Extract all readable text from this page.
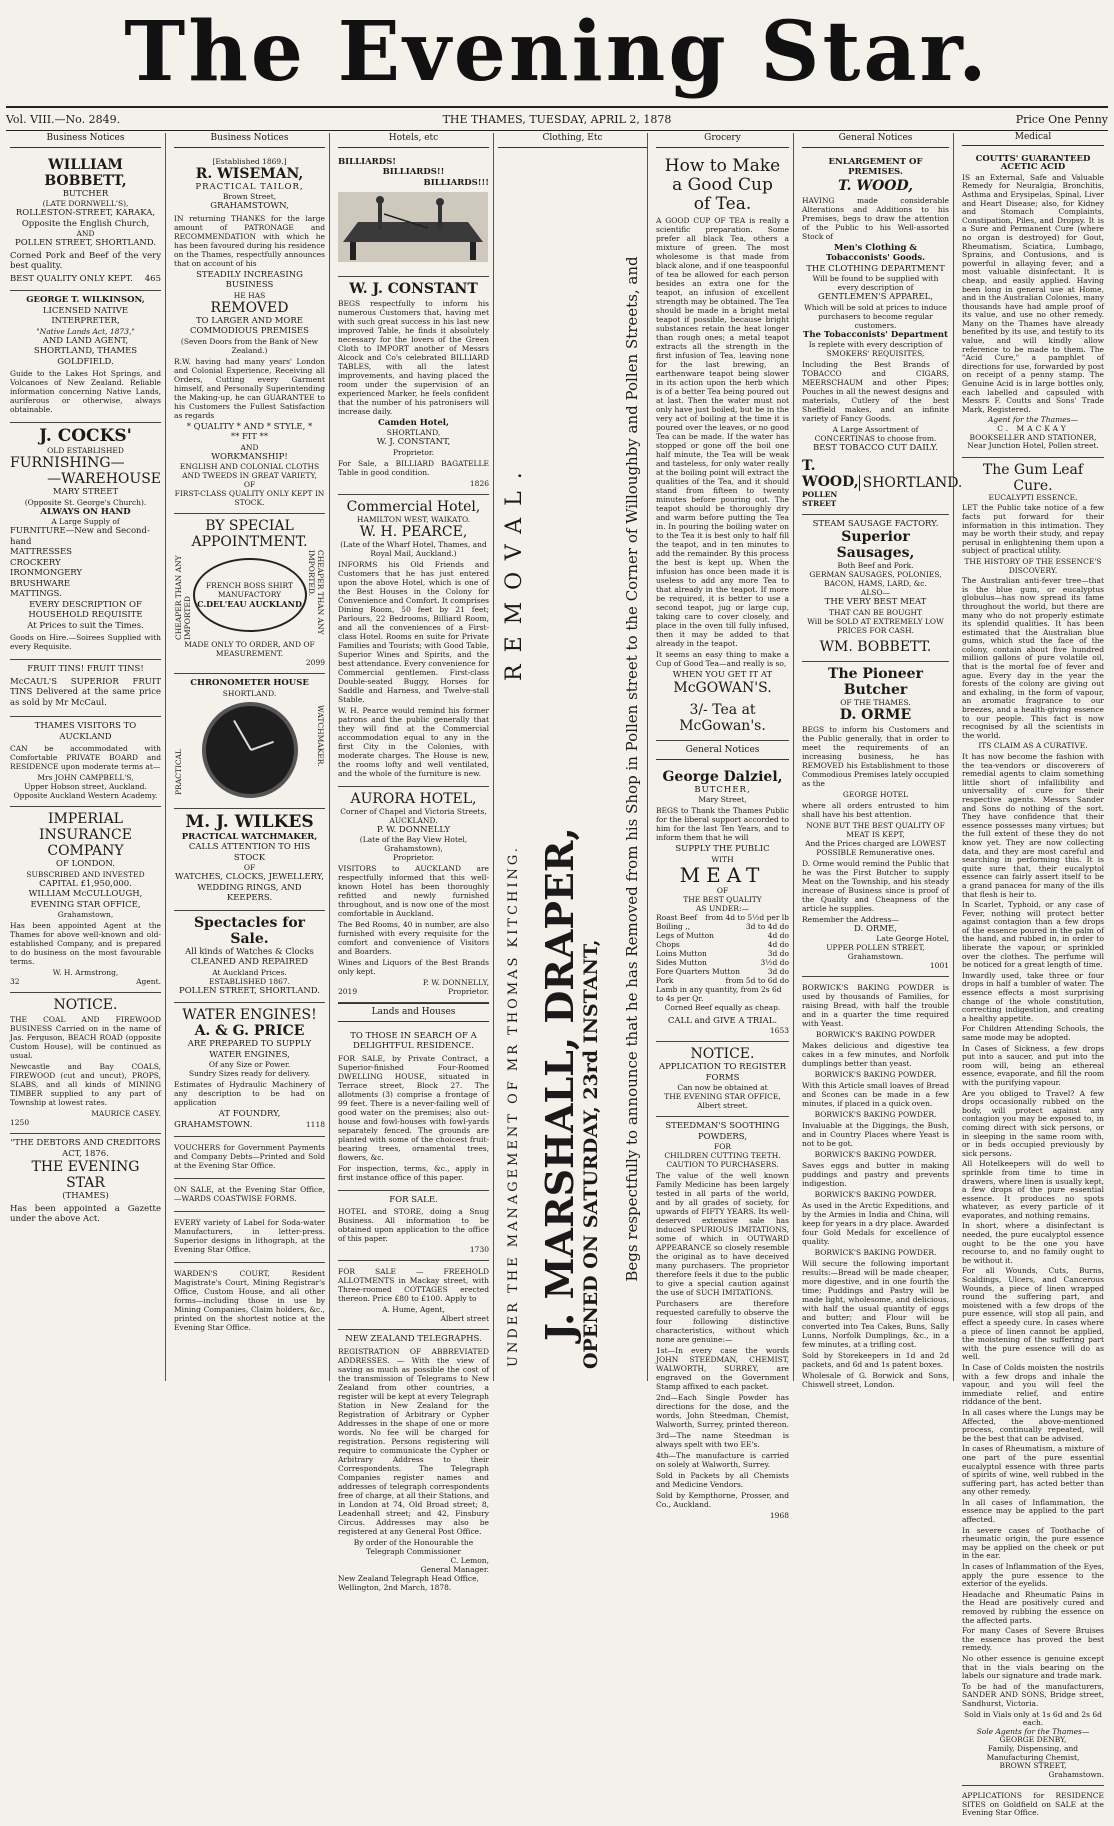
The Evening Star.
Vol. VIII.—No. 2849.	THE THAMES, TUESDAY, APRIL 2, 1878	Price One Penny
Business Notices
WILLIAM BOBBETT,
BUTCHER
(LATE DORNWELL'S),
ROLLESTON-STREET, KARAKA,
Opposite the English Church,
AND
POLLEN STREET, SHORTLAND.

Corned Pork and Beef of the very best quality.

BEST QUALITY ONLY KEPT. 465
GEORGE T. WILKINSON,
LICENSED NATIVE INTERPRETER,
"Native Lands Act, 1873,"
AND LAND AGENT,
SHORTLAND, THAMES GOLDFIELD.

Guide to the Lakes Hot Springs, and Volcanoes of New Zealand. Reliable information concerning Native Lands, auriferous or otherwise, always obtainable.

J. COCKS'
OLD ESTABLISHED
FURNISHING—
—WAREHOUSE
MARY STREET
(Opposite St. George's Church).
ALWAYS ON HAND
A Large Supply of
FURNITURE—New and Second-hand
MATTRESSES
CROCKERY
IRONMONGERY
BRUSHWARE
MATTINGS.
EVERY DESCRIPTION OF HOUSEHOLD REQUISITE
At Prices to suit the Times.

Goods on Hire.—Soirees Supplied with every Requisite.

FRUIT TINS! FRUIT TINS!

McCAUL'S SUPERIOR FRUIT TINS Delivered at the same price as sold by Mr McCaul.

THAMES VISITORS TO AUCKLAND

CAN be accommodated with Comfortable PRIVATE BOARD and RESIDENCE upon moderate terms at—

Mrs JOHN CAMPBELL'S,
Upper Hobson street, Auckland.
Opposite Auckland Western Academy.
IMPERIAL
INSURANCE COMPANY
OF LONDON.
SUBSCRIBED AND INVESTED
CAPITAL £1,950,000.
WILLIAM McCULLOUGH,
EVENING STAR OFFICE,
Grahamstown,

Has been appointed Agent at the Thames for above well-known and old-established Company, and is prepared to do business on the most favourable terms.

W. H. Armstrong,
32	Agent.
NOTICE.

THE COAL AND FIREWOOD BUSINESS Carried on in the name of Jas. Ferguson, BEACH ROAD (opposite Custom House), will be continued as usual.

Newcastle and Bay COALS, FIREWOOD (cut and uncut), PROPS, SLABS, and all kinds of MINING TIMBER supplied to any part of Township at lowest rates.

MAURICE CASEY.
1250
"THE DEBTORS AND CREDITORS
ACT, 1876.
THE EVENING STAR
(THAMES)

Has been appointed a Gazette under the above Act.

Business Notices
[Established 1869.]
R. WISEMAN,
PRACTICAL TAILOR,
Brown Street,
GRAHAMSTOWN,

IN returning THANKS for the large amount of PATRONAGE and RECOMMENDATION with which he has been favoured during his residence on the Thames, respectfully announces that on account of his

STEADILY INCREASING BUSINESS
HE HAS
REMOVED
TO LARGER AND MORE COMMODIOUS PREMISES
(Seven Doors from the Bank of New Zealand.)

R.W. having had many years' London and Colonial Experience, Receiving all Orders, Cutting every Garment himself, and Personally Superintending the Making-up, he can GUARANTEE to his Customers the Fullest Satisfaction as regards

* QUALITY * AND * STYLE, *
** FIT **
AND
WORKMANSHIP!
ENGLISH AND COLONIAL CLOTHS AND TWEEDS IN GREAT VARIETY,
OF
FIRST-CLASS QUALITY ONLY KEPT IN STOCK.
BY SPECIAL APPOINTMENT.
CHEAPER THAN ANY IMPORTED
FRENCH BOSS SHIRT MANUFACTORY
C.DEL'EAU AUCKLAND	CHEAPER THAN ANY IMPORTED.
MADE ONLY TO ORDER, AND OF MEASUREMENT.
2099
CHRONOMETER HOUSE
SHORTLAND.
PRACTICAL
WATCHMAKER.
M. J. WILKES
PRACTICAL WATCHMAKER,
CALLS ATTENTION TO HIS STOCK
OF
WATCHES, CLOCKS, JEWELLERY, WEDDING RINGS, AND KEEPERS.
Spectacles for Sale.
All kinds of Watches & Clocks
CLEANED AND REPAIRED
At Auckland Prices.
ESTABLISHED 1867.
POLLEN STREET, SHORTLAND.
WATER ENGINES!
A. & G. PRICE
ARE PREPARED TO SUPPLY
WATER ENGINES,
Of any Size or Power.
Sundry Sizes ready for delivery.

Estimates of Hydraulic Machinery of any description to be had on application

AT FOUNDRY,
GRAHAMSTOWN.	1118

VOUCHERS for Government Payments and Company Debts—Printed and Sold at the Evening Star Office.

ON SALE, at the Evening Star Office, —WARDS COASTWISE FORMS.

EVERY variety of Label for Soda-water Manufacturers, in letter-press. Superior designs in lithograph, at the Evening Star Office.

WARDEN'S COURT, Resident Magistrate's Court, Mining Registrar's Office, Custom House, and all other forms—including those in use by Mining Companies, Claim holders, &c., printed on the shortest notice at the Evening Star Office.

Hotels, etc
BILLIARDS!
BILLIARDS!!
BILLIARDS!!!
W. J. CONSTANT

BEGS respectfully to inform his numerous Customers that, having met with such great success in his last new improved Table, he finds it absolutely necessary for the lovers of the Green Cloth to IMPORT another of Messrs Alcock and Co's celebrated BILLIARD TABLES, with all the latest improvements, and having placed the room under the supervision of an experienced Marker, he feels confident that the number of his patronisers will increase daily.

Camden Hotel,
SHORTLAND,
W. J. CONSTANT,
Proprietor.

For Sale, a BILLIARD BAGATELLE Table in good condition.

1826
Commercial Hotel,
HAMILTON WEST, WAIKATO.
W. H. PEARCE,
(Late of the Wharf Hotel, Thames, and Royal Mail, Auckland.)

INFORMS his Old Friends and Customers that he has just entered upon the above Hotel, which is one of the Best Houses in the Colony for Convenience and Comfort. It comprises Dining Room, 50 feet by 21 feet; Parlours, 22 Bedrooms, Billiard Room, and all the conveniences of a First-class Hotel. Rooms en suite for Private Families and Tourists; with Good Table, Superior Wines and Spirits, and the best attendance. Every convenience for Commercial gentlemen. First-class Double-seated Buggy, Horses for Saddle and Harness, and Twelve-stall Stable.

W. H. Pearce would remind his former patrons and the public generally that they will find at the Commercial accommodation equal to any in the first City in the Colonies, with moderate charges. The House is new, the rooms lofty and well ventilated, and the whole of the furniture is new.

AURORA HOTEL,
Corner of Chapel and Victoria Streets, AUCKLAND.
P. W. DONNELLY
(Late of the Bay View Hotel, Grahamstown),
Proprietor.

VISITORS to AUCKLAND are respectfully informed that this well-known Hotel has been thoroughly refitted and newly furnished throughout, and is now one of the most comfortable in Auckland.

The Bed Rooms, 40 in number, are also furnished with every requisite for the comfort and convenience of Visitors and Boarders.

Wines and Liquors of the Best Brands only kept.

P. W. DONNELLY,
2019	Proprietor.
Lands and Houses
TO THOSE IN SEARCH OF A DELIGHTFUL RESIDENCE.

FOR SALE, by Private Contract, a Superior-finished Four-Roomed DWELLING HOUSE, situated in Terrace street, Block 27. The allotments (3) comprise a frontage of 99 feet. There is a never-failing well of good water on the premises; also out-house and fowl-houses with fowl-yards separately fenced. The grounds are planted with some of the choicest fruit-bearing trees, ornamental trees, flowers, &c.

For inspection, terms, &c., apply in first instance office of this paper.

FOR SALE.

HOTEL and STORE, doing a Snug Business. All information to be obtained upon application to the office of this paper.

1730

FOR SALE — FREEHOLD ALLOTMENTS in Mackay street, with Three-roomed COTTAGES erected thereon. Price £80 to £100. Apply to

A. Hume, Agent,
Albert street
NEW ZEALAND TELEGRAPHS.

REGISTRATION OF ABBREVIATED ADDRESSES. — With the view of saving as much as possible the cost of the transmission of Telegrams to New Zealand from other countries, a register will be kept at every Telegraph Station in New Zealand for the Registration of Arbitrary or Cypher Addresses in the shape of one or more words. No fee will be charged for registration. Persons registering will require to communicate the Cypher or Arbitrary Address to their Correspondents. The Telegraph Companies register names and addresses of telegraph correspondents free of charge, at all their Stations, and in London at 74, Old Broad street; 8, Leadenhall street; and 42, Finsbury Circus. Addresses may also be registered at any General Post Office.

By order of the Honourable the Telegraph Commissioner
C. Lemon,
General Manager.
New Zealand Telegraph Head Office,
Wellington, 2nd March, 1878.
Clothing, Etc
Begs respectfully to announce that he has Removed from his Shop in Pollen street to the Corner of Willoughby and Pollen Streets, and
OPENED ON SATURDAY, 23rd INSTANT,
J. MARSHALL, DRAPER,
UNDER THE MANAGEMENT OF MR THOMAS KITCHING.
REMOVAL.
Grocery
How to Make
a Good Cup
of Tea.

A GOOD CUP OF TEA is really a scientific preparation. Some prefer all black Tea, others a mixture of green. The most wholesome is that made from black alone, and if one teaspoonful of tea be allowed for each person besides an extra one for the teapot, an infusion of excellent strength may be obtained. The Tea should be made in a bright metal teapot if possible, because bright substances retain the heat longer than rough ones; a metal teapot extracts all the strength in the first infusion of Tea, leaving none for the last brewing, an earthenware teapot being slower in its action upon the herb which is of a better Tea being poured out at last. Then the water must not only have just boiled, but be in the very act of boiling at the time it is poured over the leaves, or no good Tea can be made. If the water has stopped or gone off the boil one half minute, the Tea will be weak and tasteless, for only water really at the boiling point will extract the qualities of the Tea, and it should stand from fifteen to twenty minutes before pouring out. The teapot should be thoroughly dry and warm before putting the Tea in. In pouring the boiling water on to the Tea it is best only to half fill the teapot, and in ten minutes to add the remainder. By this process the best is kept up. When the infusion has once been made it is useless to add any more Tea to that already in the teapot. If more be required, it is better to use a second teapot, jug or large cup, taking care to cover closely, and place in the oven till fully infused, then it may be added to that already in the teapot.

It seems an easy thing to make a Cup of Good Tea—and really is so,

WHEN YOU GET IT AT
McGOWAN'S.
3/- Tea at McGowan's.
General Notices
George Dalziel,
BUTCHER,
Mary Street,

BEGS to Thank the Thames Public for the liberal support accorded to him for the last Ten Years, and to inform them that he will

SUPPLY THE PUBLIC
WITH
MEAT
OF
THE BEST QUALITY
AS UNDER:—
Roast Beef from 4d to 5½d per lb
Boiling ,,	3d to 4d do
Legs of Mutton	4d do
Chops	4d do
Loins Mutton	3d do
Sides Mutton	3½d do
Fore Quarters Mutton	3d do
Pork	from 5d to 6d do
Lamb in any quantity, from 2s 6d to 4s per Qr.
Corned Beef equally as cheap.
CALL and GIVE A TRIAL.
1653
NOTICE.
APPLICATION TO REGISTER FORMS
Can now be obtained at
THE EVENING STAR OFFICE,
Albert street.
STEEDMAN'S SOOTHING POWDERS,
FOR
CHILDREN CUTTING TEETH.
CAUTION TO PURCHASERS.

The value of the well known Family Medicine has been largely tested in all parts of the world, and by all grades of society, for upwards of FIFTY YEARS. Its well-deserved extensive sale has induced SPURIOUS IMITATIONS, some of which in OUTWARD APPEARANCE so closely resemble the original as to have deceived many purchasers. The proprietor therefore feels it due to the public to give a special caution against the use of SUCH IMITATIONS.

Purchasers are therefore requested carefully to observe the four following distinctive characteristics, without which none are genuine:—

1st—In every case the words JOHN STEEDMAN, CHEMIST, WALWORTH, SURREY, are engraved on the Government Stamp affixed to each packet.

2nd—Each Single Powder has directions for the dose, and the words, John Steedman, Chemist, Walworth, Surrey, printed thereon.

3rd—The name Steedman is always spelt with two EE's.

4th—The manufacture is carried on solely at Walworth, Surrey.

Sold in Packets by all Chemists and Medicine Vendors.

Sold by Kempthorne, Prosser, and Co., Auckland.

1968
General Notices
ENLARGEMENT OF PREMISES.
T. WOOD,

HAVING made considerable Alterations and Additions to his Premises, begs to draw the attention of the Public to his Well-assorted Stock of

Men's Clothing & Tobacconists' Goods.
THE CLOTHING DEPARTMENT
Will be found to be supplied with every description of
GENTLEMEN'S APPAREL,
Which will be sold at prices to induce purchasers to become regular customers.
The Tobacconists' Department
Is replete with every description of SMOKERS' REQUISITES,

Including the Best Brands of TOBACCO and CIGARS, MEERSCHAUM and other Pipes; Pouches in all the newest designs and materials, Cutlery of the best Sheffield makes, and an infinite variety of Fancy Goods.

A Large Assortment of CONCERTINAS to choose from.
BEST TOBACCO CUT DAILY.
T. WOOD,
POLLEN STREET
SHORTLAND.
STEAM SAUSAGE FACTORY.
Superior Sausages,
Both Beef and Pork.
GERMAN SAUSAGES, POLONIES,
BACON, HAMS, LARD, &c.
ALSO—
THE VERY BEST MEAT
THAT CAN BE BOUGHT
Will be SOLD AT EXTREMELY LOW
PRICES FOR CASH.
WM. BOBBETT.
The Pioneer Butcher
OF THE THAMES.
D. ORME

BEGS to inform his Customers and the Public generally, that in order to meet the requirements of an increasing business, he has REMOVED his Establishment to those Commodious Premises lately occupied as the

GEORGE HOTEL

where all orders entrusted to him shall have his best attention.

NONE BUT THE BEST QUALITY OF MEAT IS KEPT,
And the Prices charged are LOWEST POSSIBLE Remunerative ones.

D. Orme would remind the Public that he was the First Butcher to supply Meat on the Township, and his steady increase of Business since is proof of the Quality and Cheapness of the article he supplies.

Remember the Address—
D. ORME,
Late George Hotel,
UPPER POLLEN STREET,
Grahamstown.
1001

BORWICK'S BAKING POWDER is used by thousands of Families, for raising Bread, with half the trouble and in a quarter the time required with Yeast.

BORWICK'S BAKING POWDER

Makes delicious and digestive tea cakes in a few minutes, and Norfolk dumplings better than yeast.

BORWICK'S BAKING POWDER.

With this Article small loaves of Bread and Scones can be made in a few minutes, if placed in a quick oven.

BORWICK'S BAKING POWDER.

Invaluable at the Diggings, the Bush, and in Country Places where Yeast is not to be got.

BORWICK'S BAKING POWDER.

Saves eggs and butter in making puddings and pastry and prevents indigestion.

BORWICK'S BAKING POWDER.

As used in the Arctic Expeditions, and by the Armies in India and China, will keep for years in a dry place. Awarded four Gold Medals for excellence of quality.

BORWICK'S BAKING POWDER.

Will secure the following important results:—Bread will be made cheaper, more digestive, and in one fourth the time; Puddings and Pastry will be made light, wholesome, and delicious, with half the usual quantity of eggs and butter; and Flour will be converted into Tea Cakes, Buns, Sally Lunns, Norfolk Dumplings, &c., in a few minutes, at a trifling cost.

Sold by Storekeepers in 1d and 2d packets, and 6d and 1s patent boxes.

Wholesale of G. Borwick and Sons, Chiswell street, London.

Medical
COUTTS' GUARANTEED ACETIC ACID

IS an External, Safe and Valuable Remedy for Neuralgia, Bronchitis, Asthma and Erysipelas, Spinal, Liver and Heart Disease; also, for Kidney and Stomach Complaints, Constipation, Piles, and Dropsy. It is a Sure and Permanent Cure (where no organ is destroyed) for Gout, Rheumatism, Sciatica, Lumbago, Sprains, and Contusions, and is powerful in allaying fever, and a most valuable disinfectant. It is cheap, and easily applied. Having been long in general use at Home, and in the Australian Colonies, many thousands have had ample proof of its value, and use no other remedy. Many on the Thames have already benefited by its use, and testify to its value, and will kindly allow reference to be made to them. The "Acid Cure," a pamphlet of directions for use, forwarded by post on receipt of a penny stamp. The Genuine Acid is in large bottles only, each labelled and capsuled with Messrs F. Coutts and Sons' Trade Mark, Registered.

Agent for the Thames—
C. MACKAY
BOOKSELLER AND STATIONER,
Near Junction Hotel, Pollen street.
The Gum Leaf Cure.
EUCALYPTI ESSENCE.

LET the Public take notice of a few facts put forward for their information in this intimation. They may be worth their study, and repay perusal in enlightening them upon a subject of practical utility.

THE HISTORY OF THE ESSENCE'S DISCOVERY.

The Australian anti-fever tree—that is the blue gum, or eucalyptus globulus—has now spread its fame throughout the world, but there are many who do not properly estimate its splendid qualities. It has been estimated that the Australian blue gums, which stud the face of the colony, contain about five hundred million gallons of pure volatile oil, that is the mortal foe of fever and ague. Every day in the year the forests of the colony are giving out and exhaling, in the form of vapour, an aromatic fragrance to our breezes, and a health-giving essence to our people. This fact is now recognised by all the scientists in the world.

ITS CLAIM AS A CURATIVE.

It has now become the fashion with the tea-vendors or discoverers of remedial agents to claim something little short of infallibility and universality of cure for their respective agents. Messrs Sander and Sons do nothing of the sort. They have confidence that their essence possesses many virtues; but the full extent of these they do not know yet. They are now collecting data, and they are most careful and searching in performing this. It is quite sure that, their eucalyptol essence can fairly assert itself to be a grand panacea for many of the ills that flesh is heir to.

In Scarlet, Typhoid, or any case of Fever, nothing will protect better against contagion than a few drops of the essence poured in the palm of the hand, and rubbed in, in order to liberate the vapour, or sprinkled over the clothes. The perfume will be noticed for a great length of time.

Inwardly used, take three or four drops in half a tumbler of water. The essence effects a most surprising change of the whole constitution, correcting indigestion, and creating a healthy appetite.

For Children Attending Schools, the same mode may be adopted.

In Cases of Sickness, a few drops put into a saucer, and put into the room will, being an ethereal essence, evaporate, and fill the room with the purifying vapour.

Are you obliged to Travel? A few drops occasionally rubbed on the body, will protect against any contagion you may be exposed to, in coming direct with sick persons, or in sleeping in the same room with, or in beds occupied previously by sick persons.

All Hotelkeepers will do well to sprinkle from time to time in drawers, where linen is usually kept, a few drops of the pure essential essence. It produces no spots whatever, as every particle of it evaporates, and nothing remains.

In short, where a disinfectant is needed, the pure eucalyptol essence ought to be the one you have recourse to, and no family ought to be without it.

For all Wounds, Cuts, Burns, Scaldings, Ulcers, and Cancerous Wounds, a piece of linen wrapped round the suffering part, and moistened with a few drops of the pure essence, will stop all pain, and effect a speedy cure. In cases where a piece of linen cannot be applied, the moistening of the suffering part with the pure essence will do as well.

In Case of Colds moisten the nostrils with a few drops and inhale the vapour, and you will feel the immediate relief, and entire riddance of the bent.

In all cases where the Lungs may be Affected, the above-mentioned process, continually repeated, will be the best that can be advised.

In cases of Rheumatism, a mixture of one part of the pure essential eucalyptol essence with three parts of spirits of wine, well rubbed in the suffering part, has acted better than any other remedy.

In all cases of Inflammation, the essence may be applied to the part affected.

In severe cases of Toothache of rheumatic origin, the pure essence may be applied on the cheek or put in the ear.

In cases of Inflammation of the Eyes, apply the pure essence to the exterior of the eyelids.

Headache and Rheumatic Pains in the Head are positively cured and removed by rubbing the essence on the affected parts.

For many Cases of Severe Bruises the essence has proved the best remedy.

No other essence is genuine except that in the vials bearing on the labels our signature and trade mark.

To be had of the manufacturers, SANDER AND SONS, Bridge street, Sandhurst, Victoria.

Sold in Vials only at 1s 6d and 2s 6d each.
Sole Agents for the Thames—
GEORGE DENBY,
Family, Dispensing, and Manufacturing Chemist,
BROWN STREET,
Grahamstown.

APPLICATIONS for RESIDENCE SITES on Goldfield on SALE at the Evening Star Office.
